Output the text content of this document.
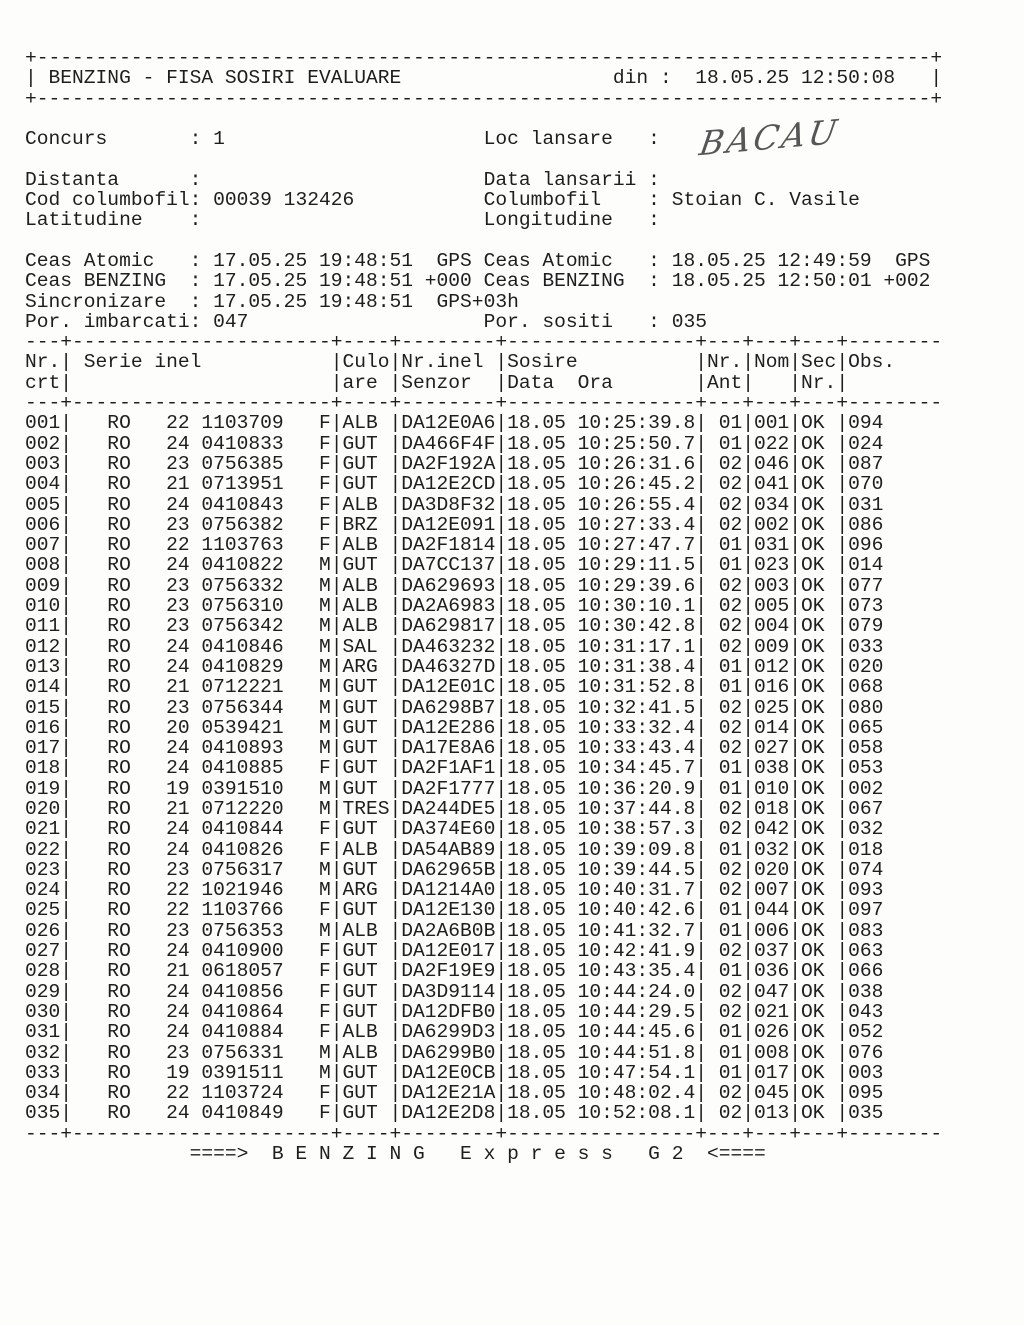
+----------------------------------------------------------------------------+
| BENZING - FISA SOSIRI EVALUARE                  din :  18.05.25 12:50:08   |
+----------------------------------------------------------------------------+
Concurs       : 1                      Loc lansare   :
Distanta      :                        Data lansarii :
Cod columbofil: 00039 132426           Columbofil    : Stoian C. Vasile
Latitudine    :                        Longitudine   :
Ceas Atomic   : 17.05.25 19:48:51  GPS Ceas Atomic   : 18.05.25 12:49:59  GPS
Ceas BENZING  : 17.05.25 19:48:51 +000 Ceas BENZING  : 18.05.25 12:50:01 +002
Sincronizare  : 17.05.25 19:48:51  GPS+03h
Por. imbarcati: 047                    Por. sositi   : 035
---+----------------------+----+--------+----------------+---+---+---+--------
Nr.| Serie inel           |Culo|Nr.inel |Sosire          |Nr.|Nom|Sec|Obs.
crt|                      |are |Senzor  |Data  Ora       |Ant|   |Nr.|
---+----------------------+----+--------+----------------+---+---+---+--------
001|   RO   22 1103709   F|ALB |DA12E0A6|18.05 10:25:39.8| 01|001|OK |094
002|   RO   24 0410833   F|GUT |DA466F4F|18.05 10:25:50.7| 01|022|OK |024
003|   RO   23 0756385   F|GUT |DA2F192A|18.05 10:26:31.6| 02|046|OK |087
004|   RO   21 0713951   F|GUT |DA12E2CD|18.05 10:26:45.2| 02|041|OK |070
005|   RO   24 0410843   F|ALB |DA3D8F32|18.05 10:26:55.4| 02|034|OK |031
006|   RO   23 0756382   F|BRZ |DA12E091|18.05 10:27:33.4| 02|002|OK |086
007|   RO   22 1103763   F|ALB |DA2F1814|18.05 10:27:47.7| 01|031|OK |096
008|   RO   24 0410822   M|GUT |DA7CC137|18.05 10:29:11.5| 01|023|OK |014
009|   RO   23 0756332   M|ALB |DA629693|18.05 10:29:39.6| 02|003|OK |077
010|   RO   23 0756310   M|ALB |DA2A6983|18.05 10:30:10.1| 02|005|OK |073
011|   RO   23 0756342   M|ALB |DA629817|18.05 10:30:42.8| 02|004|OK |079
012|   RO   24 0410846   M|SAL |DA463232|18.05 10:31:17.1| 02|009|OK |033
013|   RO   24 0410829   M|ARG |DA46327D|18.05 10:31:38.4| 01|012|OK |020
014|   RO   21 0712221   M|GUT |DA12E01C|18.05 10:31:52.8| 01|016|OK |068
015|   RO   23 0756344   M|GUT |DA6298B7|18.05 10:32:41.5| 02|025|OK |080
016|   RO   20 0539421   M|GUT |DA12E286|18.05 10:33:32.4| 02|014|OK |065
017|   RO   24 0410893   M|GUT |DA17E8A6|18.05 10:33:43.4| 02|027|OK |058
018|   RO   24 0410885   F|GUT |DA2F1AF1|18.05 10:34:45.7| 01|038|OK |053
019|   RO   19 0391510   M|GUT |DA2F1777|18.05 10:36:20.9| 01|010|OK |002
020|   RO   21 0712220   M|TRES|DA244DE5|18.05 10:37:44.8| 02|018|OK |067
021|   RO   24 0410844   F|GUT |DA374E60|18.05 10:38:57.3| 02|042|OK |032
022|   RO   24 0410826   F|ALB |DA54AB89|18.05 10:39:09.8| 01|032|OK |018
023|   RO   23 0756317   M|GUT |DA62965B|18.05 10:39:44.5| 02|020|OK |074
024|   RO   22 1021946   M|ARG |DA1214A0|18.05 10:40:31.7| 02|007|OK |093
025|   RO   22 1103766   F|GUT |DA12E130|18.05 10:40:42.6| 01|044|OK |097
026|   RO   23 0756353   M|ALB |DA2A6B0B|18.05 10:41:32.7| 01|006|OK |083
027|   RO   24 0410900   F|GUT |DA12E017|18.05 10:42:41.9| 02|037|OK |063
028|   RO   21 0618057   F|GUT |DA2F19E9|18.05 10:43:35.4| 01|036|OK |066
029|   RO   24 0410856   F|GUT |DA3D9114|18.05 10:44:24.0| 02|047|OK |038
030|   RO   24 0410864   F|GUT |DA12DFB0|18.05 10:44:29.5| 02|021|OK |043
031|   RO   24 0410884   F|ALB |DA6299D3|18.05 10:44:45.6| 01|026|OK |052
032|   RO   23 0756331   M|ALB |DA6299B0|18.05 10:44:51.8| 01|008|OK |076
033|   RO   19 0391511   M|GUT |DA12E0CB|18.05 10:47:54.1| 01|017|OK |003
034|   RO   22 1103724   F|GUT |DA12E21A|18.05 10:48:02.4| 02|045|OK |095
035|   RO   24 0410849   F|GUT |DA12E2D8|18.05 10:52:08.1| 02|013|OK |035
---+----------------------+----+--------+----------------+---+---+---+--------
====>  B E N Z I N G   E x p r e s s   G 2  <====
BACAU
